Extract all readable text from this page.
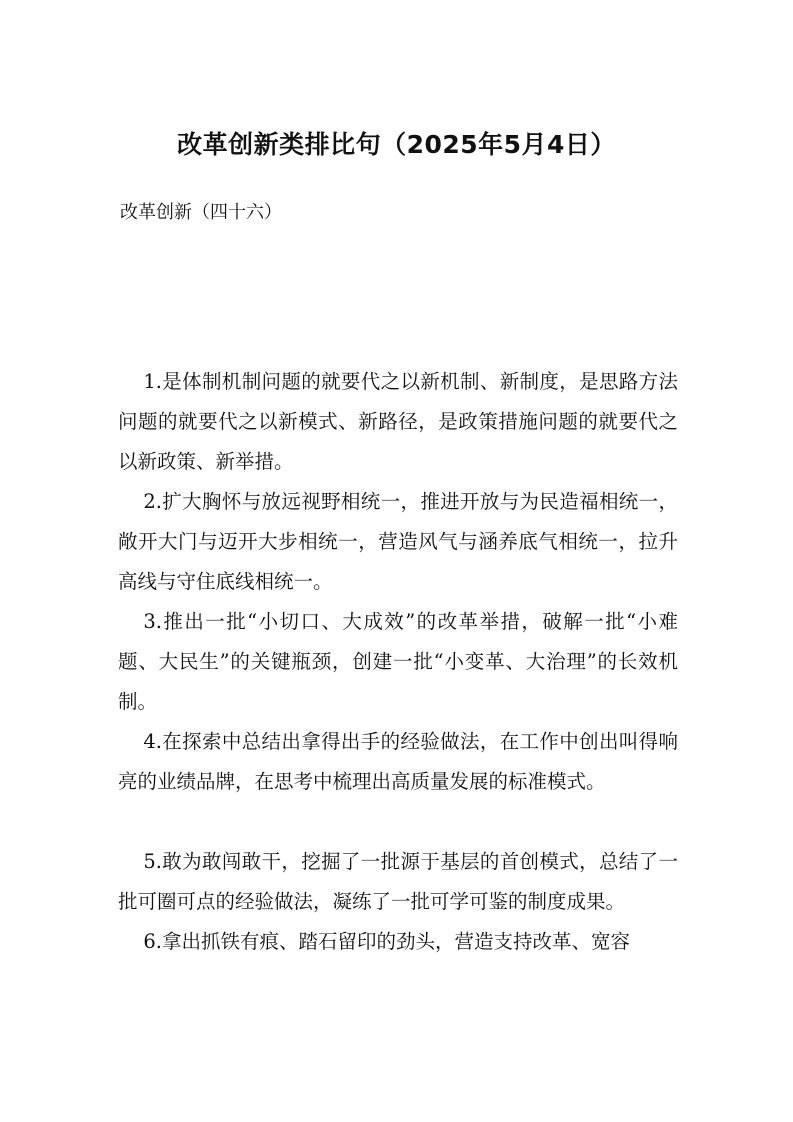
改革创新类排比句（2025年5月4日）
改革创新（四十六）

1.是体制机制问题的就要代之以新机制、新制度，是思路方法问题的就要代之以新模式、新路径，是政策措施问题的就要代之以新政策、新举措。

2.扩大胸怀与放远视野相统一，推进开放与为民造福相统一，敞开大门与迈开大步相统一，营造风气与涵养底气相统一，拉升高线与守住底线相统一。

3.推出一批“小切口、大成效”的改革举措，破解一批“小难题、大民生”的关键瓶颈，创建一批“小变革、大治理”的长效机制。

4.在探索中总结出拿得出手的经验做法，在工作中创出叫得响亮的业绩品牌，在思考中梳理出高质量发展的标准模式。

5.敢为敢闯敢干，挖掘了一批源于基层的首创模式，总结了一批可圈可点的经验做法，凝练了一批可学可鉴的制度成果。

6.拿出抓铁有痕、踏石留印的劲头，营造支持改革、宽容
